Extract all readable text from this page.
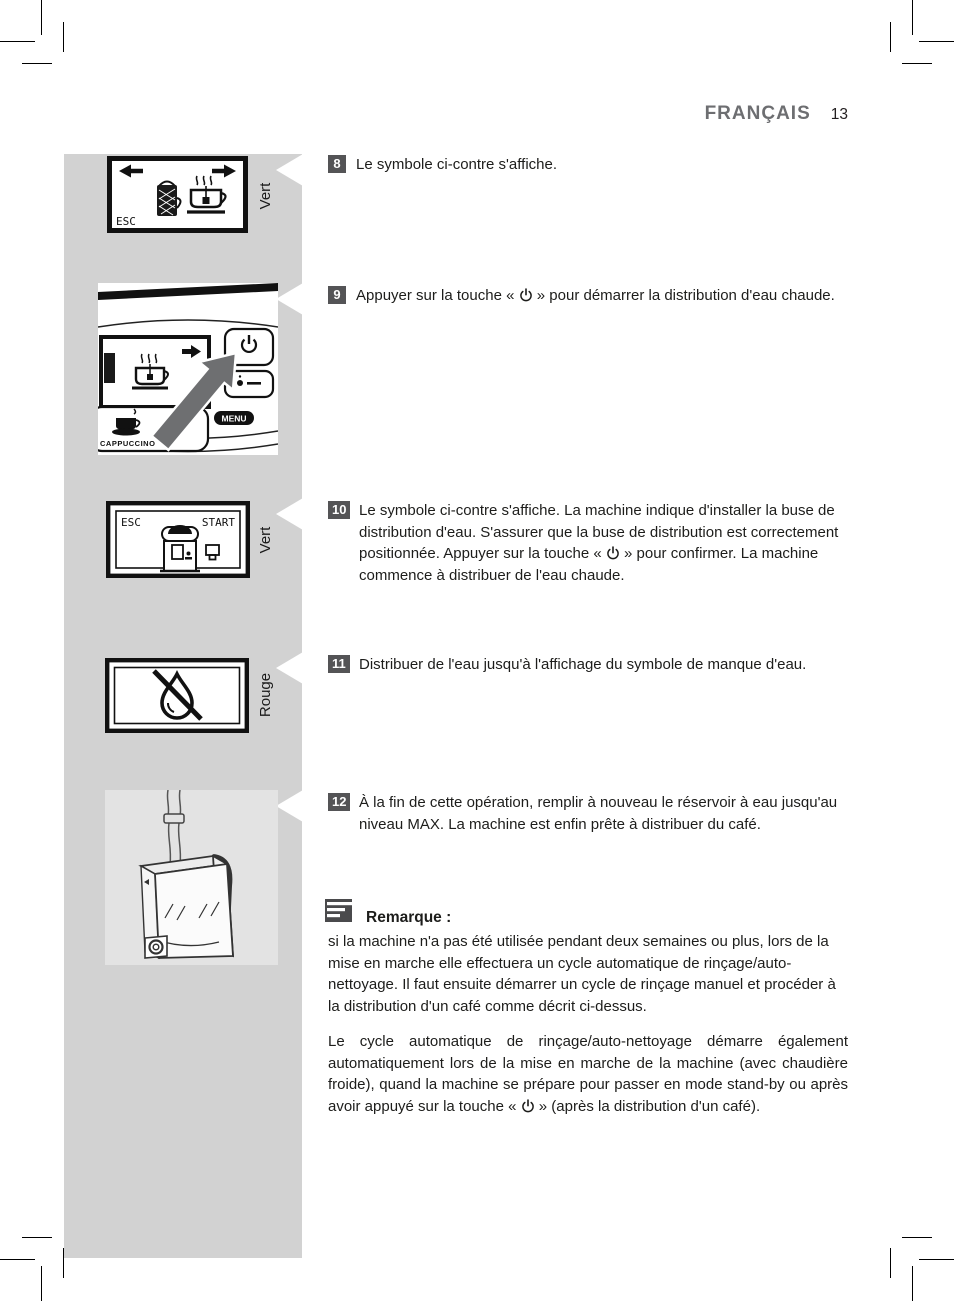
FRANÇAIS 13
ESC
Vert
MENU
CAPPUCCINO
ESC	START
Vert
Rouge
8	Le symbole ci-contre s'affiche.
9	Appuyer sur la touche «
» pour démarrer la distribution d'eau chaude.
10 Le symbole ci-contre s'affiche. La machine indique d'installer la buse de distribution d'eau. S'assurer que la buse de distribution est correctement positionnée. Appuyer sur la touche «
» pour confirmer. La machine commence à distribuer de l'eau chaude.
11 Distribuer de l'eau jusqu'à l'affichage du symbole de manque d'eau.
12 À la fin de cette opération, remplir à nouveau le réservoir à eau jusqu'au niveau MAX. La machine est enfin prête à distribuer du café.
Remarque :
si la machine n'a pas été utilisée pendant deux semaines ou plus, lors de la mise en marche elle effectuera un cycle automatique de rinçage/auto-nettoyage. Il faut ensuite démarrer un cycle de rinçage manuel et procéder à la distribution d'un café comme décrit ci-dessus.
Le cycle automatique de rinçage/auto-nettoyage démarre également automatiquement lors de la mise en marche de la machine (avec chaudière froide), quand la machine se prépare pour passer en mode stand-by ou après avoir appuyé sur la touche «
» (après la distribution d'un café).
